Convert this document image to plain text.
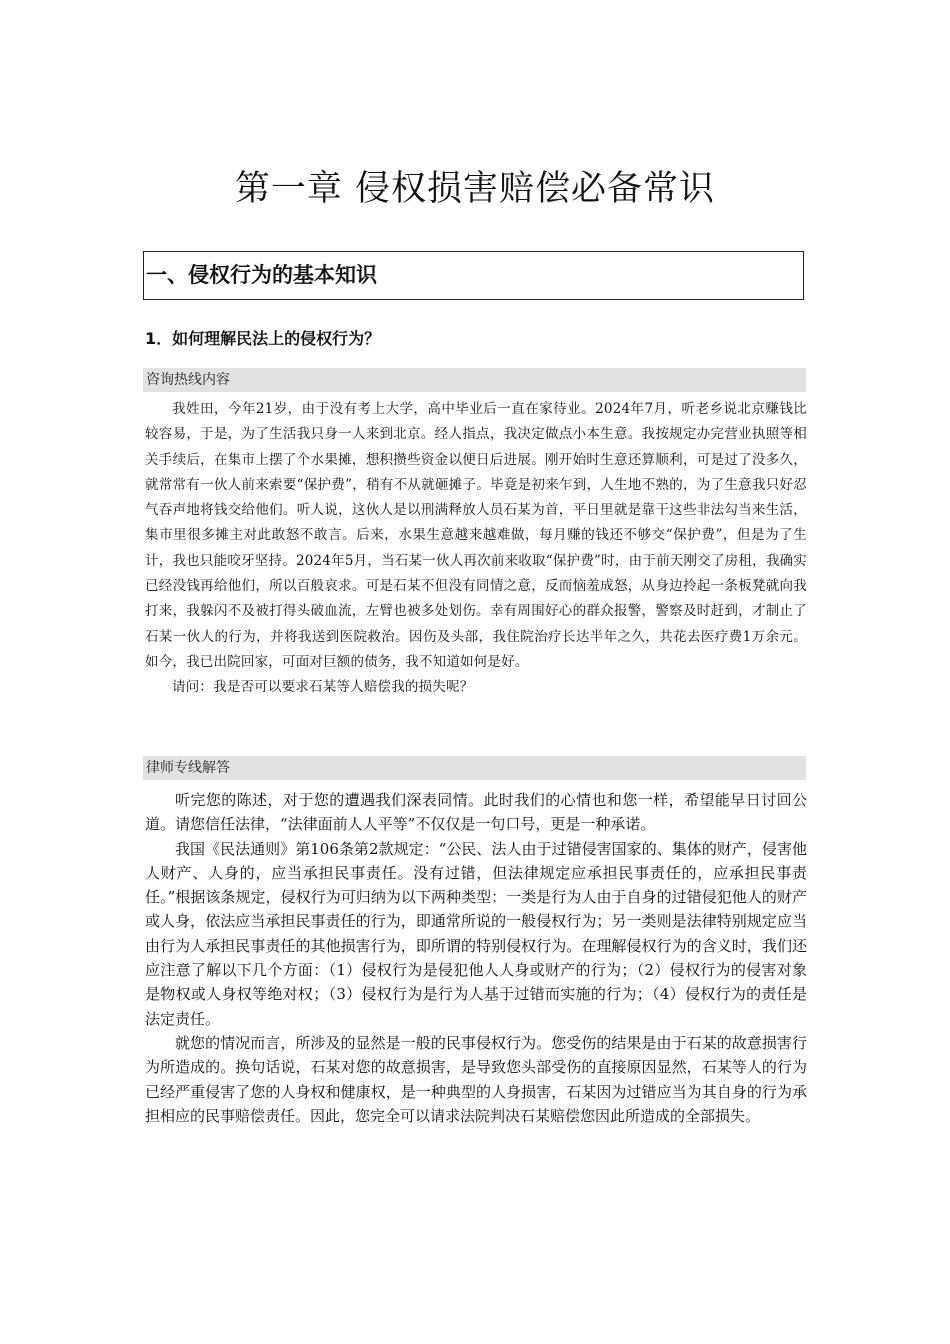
第一章 侵权损害赔偿必备常识
一、侵权行为的基本知识
1．如何理解民法上的侵权行为？
咨询热线内容

我姓田，今年21岁，由于没有考上大学，高中毕业后一直在家待业。2024年7月，听老乡说北京赚钱比较容易，于是，为了生活我只身一人来到北京。经人指点，我决定做点小本生意。我按规定办完营业执照等相关手续后，在集市上摆了个水果摊，想积攒些资金以便日后进展。刚开始时生意还算顺利，可是过了没多久，就常常有一伙人前来索要“保护费”，稍有不从就砸摊子。毕竟是初来乍到，人生地不熟的，为了生意我只好忍气吞声地将钱交给他们。听人说，这伙人是以刑满释放人员石某为首，平日里就是靠干这些非法勾当来生活，集市里很多摊主对此敢怒不敢言。后来，水果生意越来越难做，每月赚的钱还不够交“保护费”，但是为了生计，我也只能咬牙坚持。2024年5月，当石某一伙人再次前来收取“保护费”时，由于前天刚交了房租，我确实已经没钱再给他们，所以百般哀求。可是石某不但没有同情之意，反而恼羞成怒，从身边拎起一条板凳就向我打来，我躲闪不及被打得头破血流，左臂也被多处划伤。幸有周围好心的群众报警，警察及时赶到，才制止了石某一伙人的行为，并将我送到医院救治。因伤及头部，我住院治疗长达半年之久，共花去医疗费1万余元。如今，我已出院回家，可面对巨额的债务，我不知道如何是好。

请问：我是否可以要求石某等人赔偿我的损失呢？

律师专线解答

听完您的陈述，对于您的遭遇我们深表同情。此时我们的心情也和您一样，希望能早日讨回公道。请您信任法律，“法律面前人人平等”不仅仅是一句口号，更是一种承诺。

我国《民法通则》第106条第2款规定：“公民、法人由于过错侵害国家的、集体的财产，侵害他人财产、人身的，应当承担民事责任。没有过错，但法律规定应承担民事责任的，应承担民事责任。”根据该条规定，侵权行为可归纳为以下两种类型：一类是行为人由于自身的过错侵犯他人的财产或人身，依法应当承担民事责任的行为，即通常所说的一般侵权行为；另一类则是法律特别规定应当由行为人承担民事责任的其他损害行为，即所谓的特别侵权行为。在理解侵权行为的含义时，我们还应注意了解以下几个方面：（1）侵权行为是侵犯他人人身或财产的行为；（2）侵权行为的侵害对象是物权或人身权等绝对权；（3）侵权行为是行为人基于过错而实施的行为；（4）侵权行为的责任是法定责任。

就您的情况而言，所涉及的显然是一般的民事侵权行为。您受伤的结果是由于石某的故意损害行为所造成的。换句话说，石某对您的故意损害，是导致您头部受伤的直接原因显然，石某等人的行为已经严重侵害了您的人身权和健康权，是一种典型的人身损害，石某因为过错应当为其自身的行为承担相应的民事赔偿责任。因此，您完全可以请求法院判决石某赔偿您因此所造成的全部损失。
